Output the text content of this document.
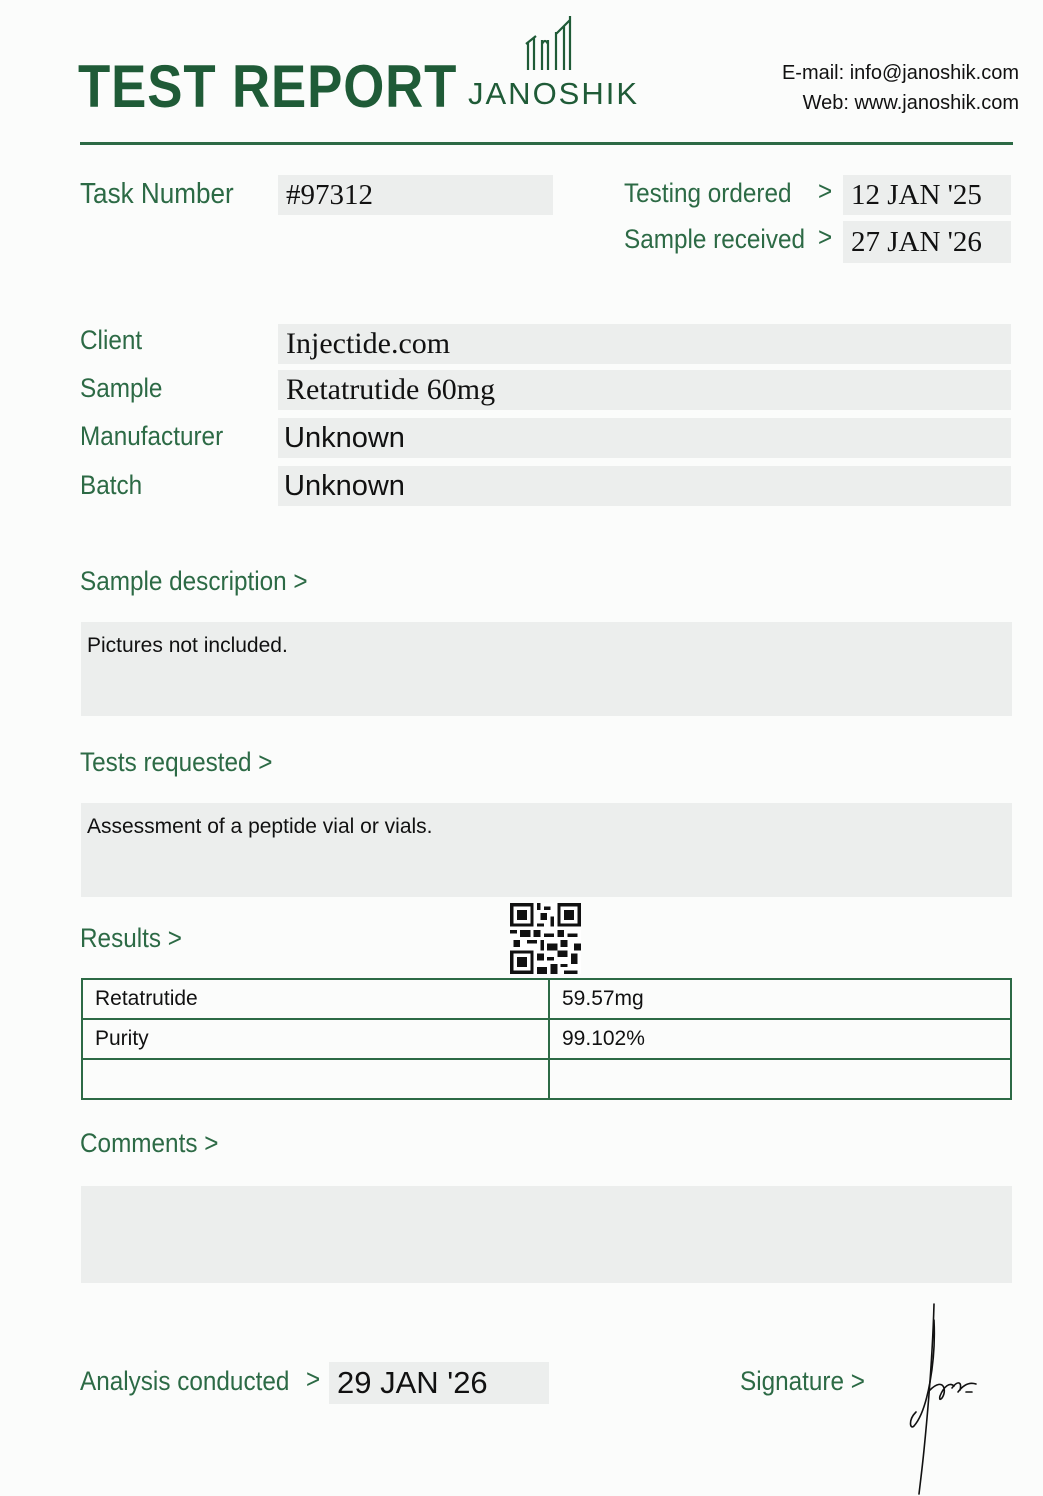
TEST REPORT JANOSHIK
E-mail: info@janoshik.com
Web: www.janoshik.com
Task Number #97312	Testing ordered > 12 JAN '25
Sample received > 27 JAN '26
Client	Injectide.com
Sample	Retatrutide 60mg
Manufacturer Unknown
Batch	Unknown
Sample description >
Pictures not included.
Tests requested >
Assessment of a peptide vial or vials.
Results >
Retatrutide	59.57mg
Purity	99.102%

Comments >
Analysis conducted > 29 JAN '26	Signature >
